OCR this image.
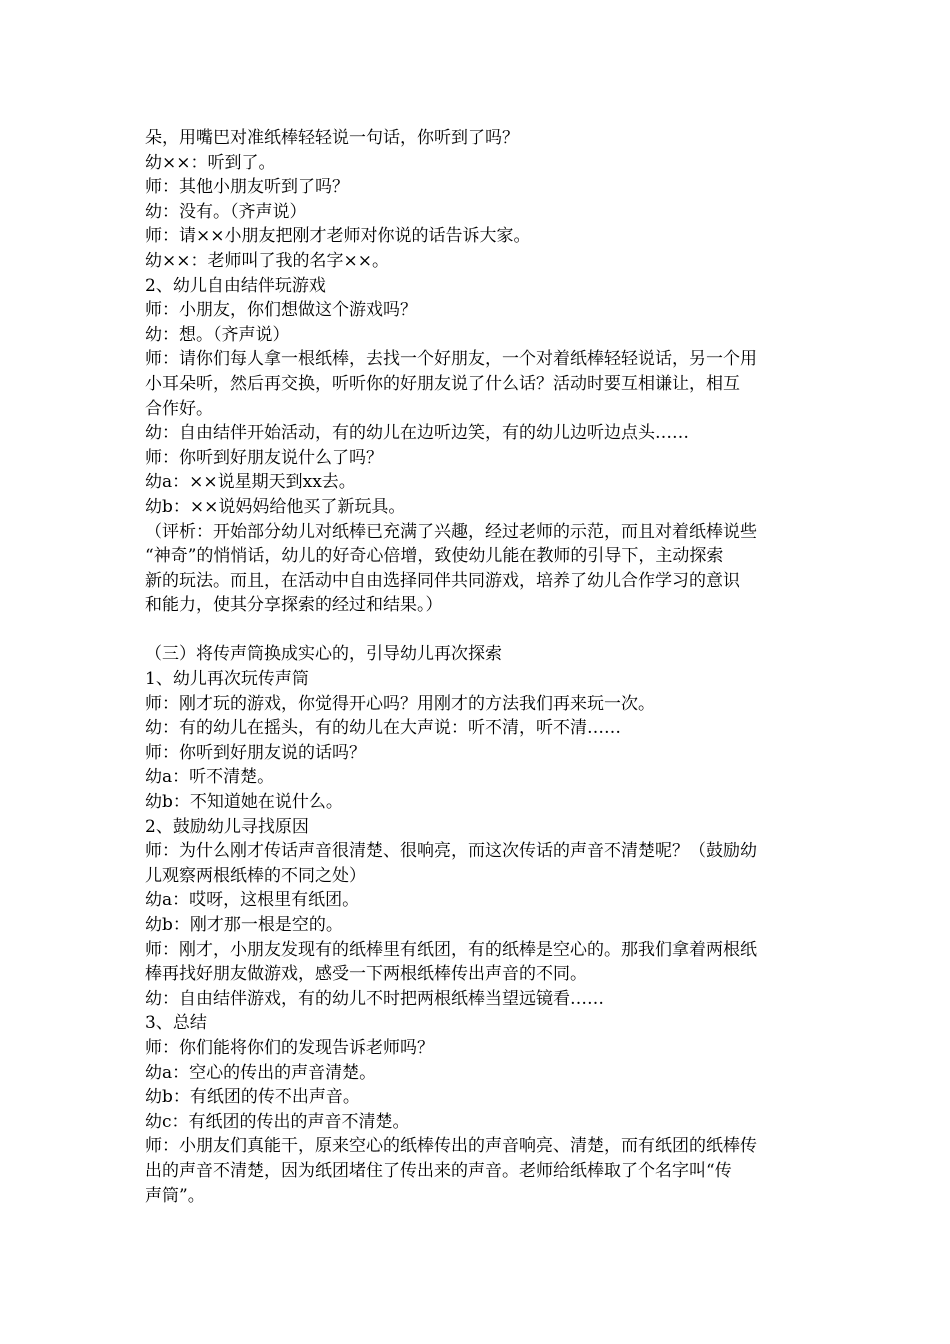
朵，用嘴巴对准纸棒轻轻说一句话，你听到了吗？
幼××：听到了。
师：其他小朋友听到了吗？
幼：没有。（齐声说）
师：请××小朋友把刚才老师对你说的话告诉大家。
幼××：老师叫了我的名字××。
2、幼儿自由结伴玩游戏
师：小朋友，你们想做这个游戏吗？
幼：想。（齐声说）
师：请你们每人拿一根纸棒，去找一个好朋友，一个对着纸棒轻轻说话，另一个用
小耳朵听，然后再交换，听听你的好朋友说了什么话？活动时要互相谦让，相互
合作好。
幼：自由结伴开始活动，有的幼儿在边听边笑，有的幼儿边听边点头……
师：你听到好朋友说什么了吗？
幼a：××说星期天到xx去。
幼b：××说妈妈给他买了新玩具。
（评析：开始部分幼儿对纸棒已充满了兴趣，经过老师的示范，而且对着纸棒说些
“神奇”的悄悄话，幼儿的好奇心倍增，致使幼儿能在教师的引导下，主动探索
新的玩法。而且，在活动中自由选择同伴共同游戏，培养了幼儿合作学习的意识
和能力，使其分享探索的经过和结果。）
（三）将传声筒换成实心的，引导幼儿再次探索
1、幼儿再次玩传声筒
师：刚才玩的游戏，你觉得开心吗？用刚才的方法我们再来玩一次。
幼：有的幼儿在摇头，有的幼儿在大声说：听不清，听不清……
师：你听到好朋友说的话吗？
幼a：听不清楚。
幼b：不知道她在说什么。
2、鼓励幼儿寻找原因
师：为什么刚才传话声音很清楚、很响亮，而这次传话的声音不清楚呢？（鼓励幼
儿观察两根纸棒的不同之处）
幼a：哎呀，这根里有纸团。
幼b：刚才那一根是空的。
师：刚才，小朋友发现有的纸棒里有纸团，有的纸棒是空心的。那我们拿着两根纸
棒再找好朋友做游戏，感受一下两根纸棒传出声音的不同。
幼：自由结伴游戏，有的幼儿不时把两根纸棒当望远镜看……
3、总结
师：你们能将你们的发现告诉老师吗？
幼a：空心的传出的声音清楚。
幼b：有纸团的传不出声音。
幼c：有纸团的传出的声音不清楚。
师：小朋友们真能干，原来空心的纸棒传出的声音响亮、清楚，而有纸团的纸棒传
出的声音不清楚，因为纸团堵住了传出来的声音。老师给纸棒取了个名字叫“传
声筒”。
